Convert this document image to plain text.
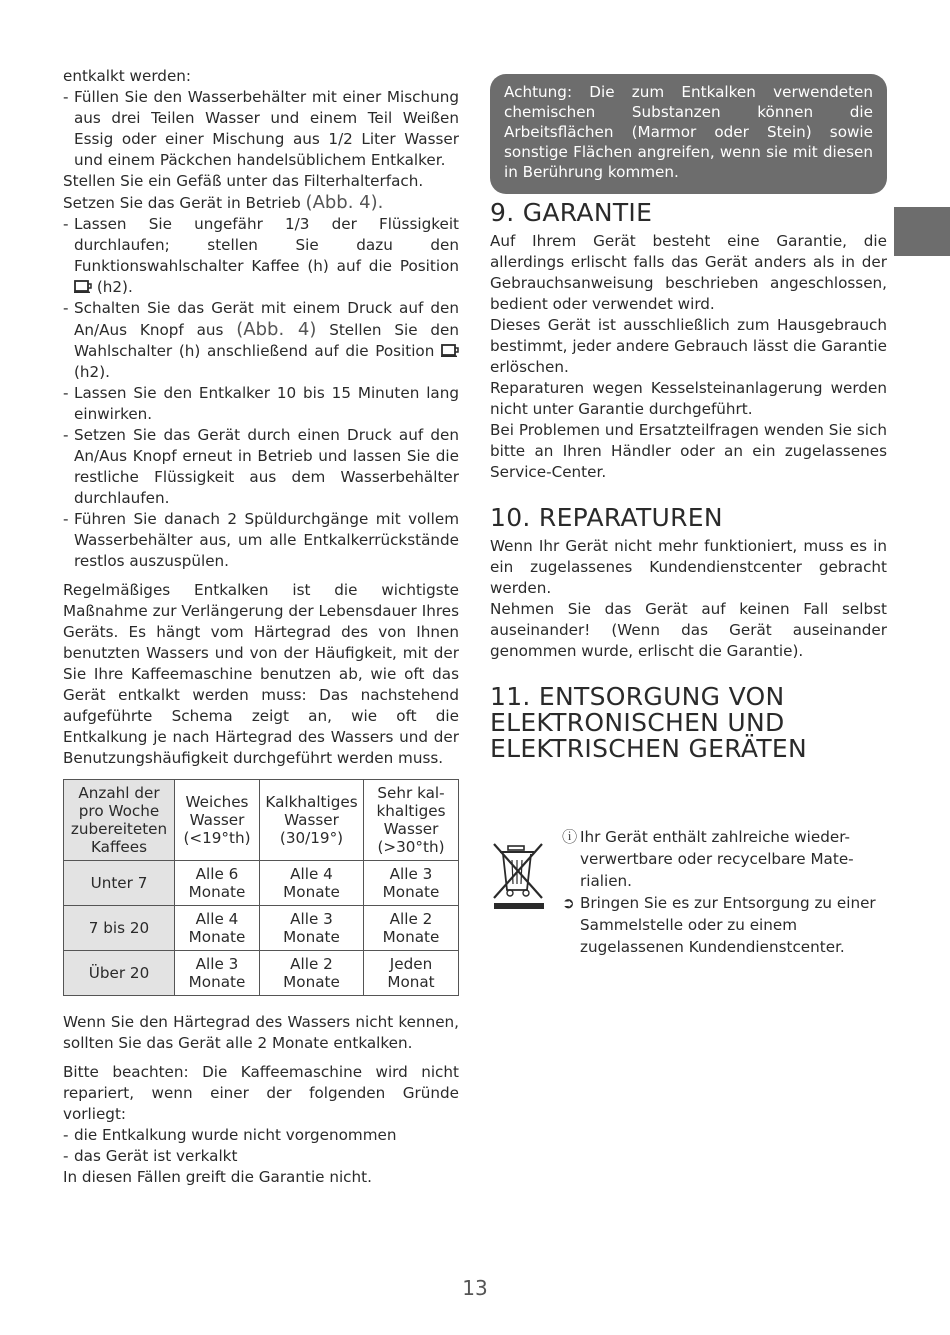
entkalkt werden:

- Füllen Sie den Wasserbehälter mit einer Mischung aus drei Teilen Wasser und einem Teil Weißen Essig oder einer Mischung aus 1/2 Liter Wasser und einem Päckchen handelsüblichem Entkalker.

Stellen Sie ein Gefäß unter das Filterhalterfach.

Setzen Sie das Gerät in Betrieb (Abb. 4).

- Lassen Sie ungefähr 1/3 der Flüssigkeit durchlaufen; stellen Sie dazu den Funktionswahlschalter Kaffee (h) auf die Position  (h2).
- Schalten Sie das Gerät mit einem Druck auf den An/Aus Knopf aus (Abb. 4) Stellen Sie den Wahlschalter (h) anschließend auf die Position  (h2).
- Lassen Sie den Entkalker 10 bis 15 Minuten lang einwirken.
- Setzen Sie das Gerät durch einen Druck auf den An/Aus Knopf erneut in Betrieb und lassen Sie die restliche Flüssigkeit aus dem Wasserbehälter durchlaufen.
- Führen Sie danach 2 Spüldurchgänge mit vollem Wasserbehälter aus, um alle Entkalkerrückstände restlos auszuspülen.

Regelmäßiges Entkalken ist die wichtigste Maßnahme zur Verlängerung der Lebensdauer Ihres Geräts. Es hängt vom Härtegrad des von Ihnen benutzten Wassers und von der Häufigkeit, mit der Sie Ihre Kaffeemaschine benutzen ab, wie oft das Gerät entkalkt werden muss: Das nachstehend aufgeführte Schema zeigt an, wie oft die Entkalkung je nach Härtegrad des Wassers und der Benutzungshäufigkeit durchgeführt werden muss.

Anzahl der pro Woche zubereiteten Kaffees	Weiches Wasser (<19°th)	Kalkhaltiges Wasser (30/19°)	Sehr kal-khaltiges Wasser (>30°th)
Unter 7	Alle 6 Monate	Alle 4 Monate	Alle 3 Monate
7 bis 20	Alle 4 Monate	Alle 3 Monate	Alle 2 Monate
Über 20	Alle 3 Monate	Alle 2 Monate	Jeden Monat

Wenn Sie den Härtegrad des Wassers nicht kennen, sollten Sie das Gerät alle 2 Monate entkalken.

Bitte beachten: Die Kaffeemaschine wird nicht repariert, wenn einer der folgenden Gründe vorliegt:

- die Entkalkung wurde nicht vorgenommen
- das Gerät ist verkalkt

In diesen Fällen greift die Garantie nicht.

Achtung: Die zum Entkalken verwendeten chemischen Substanzen können die Arbeitsflächen (Marmor oder Stein) sowie sonstige Flächen angreifen, wenn sie mit diesen in Berührung kommen.
9. GARANTIE

Auf Ihrem Gerät besteht eine Garantie, die allerdings erlischt falls das Gerät anders als in der Gebrauchsanweisung beschrieben angeschlossen, bedient oder verwendet wird.

Dieses Gerät ist ausschließlich zum Hausgebrauch bestimmt, jeder andere Gebrauch lässt die Garantie erlöschen.

Reparaturen wegen Kesselsteinanlagerung werden nicht unter Garantie durchgeführt.

Bei Problemen und Ersatzteilfragen wenden Sie sich bitte an Ihren Händler oder an ein zugelassenes Service-Center.

10. REPARATUREN

Wenn Ihr Gerät nicht mehr funktioniert, muss es in ein zugelassenes Kundendienstcenter gebracht werden.

Nehmen Sie das Gerät auf keinen Fall selbst auseinander! (Wenn das Gerät auseinander genommen wurde, erlischt die Garantie).

11. ENTSORGUNG VON ELEKTRONISCHEN UND ELEKTRISCHEN GERÄTEN
ⓘ Ihr Gerät enthält zahlreiche wieder-verwertbare oder recycelbare Mate-rialien.
➲ Bringen Sie es zur Entsorgung zu einer Sammelstelle oder zu einem zugelassenen Kundendienstcenter.
13
